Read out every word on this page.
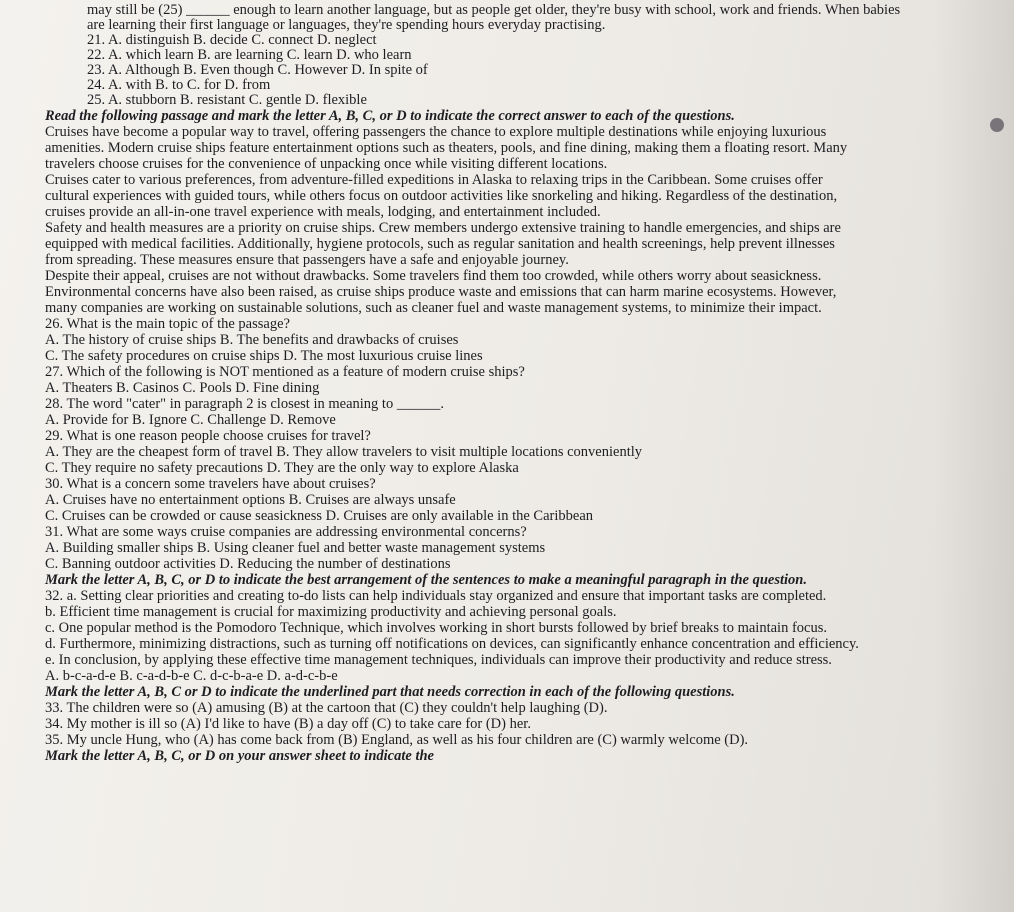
may still be (25) ______ enough to learn another language, but as people get older, they're busy with school, work and friends. When babies
are learning their first language or languages, they're spending hours everyday practising.
21. A. distinguish B. decide C. connect D. neglect
22. A. which learn B. are learning C. learn D. who learn
23. A. Although B. Even though C. However D. In spite of
24. A. with B. to C. for D. from
25. A. stubborn B. resistant C. gentle D. flexible
Read the following passage and mark the letter A, B, C, or D to indicate the correct answer to each of the questions.
Cruises have become a popular way to travel, offering passengers the chance to explore multiple destinations while enjoying luxurious
amenities. Modern cruise ships feature entertainment options such as theaters, pools, and fine dining, making them a floating resort. Many
travelers choose cruises for the convenience of unpacking once while visiting different locations.
Cruises cater to various preferences, from adventure-filled expeditions in Alaska to relaxing trips in the Caribbean. Some cruises offer
cultural experiences with guided tours, while others focus on outdoor activities like snorkeling and hiking. Regardless of the destination,
cruises provide an all-in-one travel experience with meals, lodging, and entertainment included.
Safety and health measures are a priority on cruise ships. Crew members undergo extensive training to handle emergencies, and ships are
equipped with medical facilities. Additionally, hygiene protocols, such as regular sanitation and health screenings, help prevent illnesses
from spreading. These measures ensure that passengers have a safe and enjoyable journey.
Despite their appeal, cruises are not without drawbacks. Some travelers find them too crowded, while others worry about seasickness.
Environmental concerns have also been raised, as cruise ships produce waste and emissions that can harm marine ecosystems. However,
many companies are working on sustainable solutions, such as cleaner fuel and waste management systems, to minimize their impact.
26. What is the main topic of the passage?
A. The history of cruise ships B. The benefits and drawbacks of cruises
C. The safety procedures on cruise ships D. The most luxurious cruise lines
27. Which of the following is NOT mentioned as a feature of modern cruise ships?
A. Theaters B. Casinos C. Pools D. Fine dining
28. The word "cater" in paragraph 2 is closest in meaning to ______.
A. Provide for B. Ignore C. Challenge D. Remove
29. What is one reason people choose cruises for travel?
A. They are the cheapest form of travel B. They allow travelers to visit multiple locations conveniently
C. They require no safety precautions D. They are the only way to explore Alaska
30. What is a concern some travelers have about cruises?
A. Cruises have no entertainment options B. Cruises are always unsafe
C. Cruises can be crowded or cause seasickness D. Cruises are only available in the Caribbean
31. What are some ways cruise companies are addressing environmental concerns?
A. Building smaller ships B. Using cleaner fuel and better waste management systems
C. Banning outdoor activities D. Reducing the number of destinations
Mark the letter A, B, C, or D to indicate the best arrangement of the sentences to make a meaningful paragraph in the question.
32. a. Setting clear priorities and creating to-do lists can help individuals stay organized and ensure that important tasks are completed.
b. Efficient time management is crucial for maximizing productivity and achieving personal goals.
c. One popular method is the Pomodoro Technique, which involves working in short bursts followed by brief breaks to maintain focus.
d. Furthermore, minimizing distractions, such as turning off notifications on devices, can significantly enhance concentration and efficiency.
e. In conclusion, by applying these effective time management techniques, individuals can improve their productivity and reduce stress.
A. b-c-a-d-e B. c-a-d-b-e C. d-c-b-a-e D. a-d-c-b-e
Mark the letter A, B, C or D to indicate the underlined part that needs correction in each of the following questions.
33. The children were so (A) amusing (B) at the cartoon that (C) they couldn't help laughing (D).
34. My mother is ill so (A) I'd like to have (B) a day off (C) to take care for (D) her.
35. My uncle Hung, who (A) has come back from (B) England, as well as his four children are (C) warmly welcome (D).
Mark the letter A, B, C, or D on your answer sheet to indicate the
